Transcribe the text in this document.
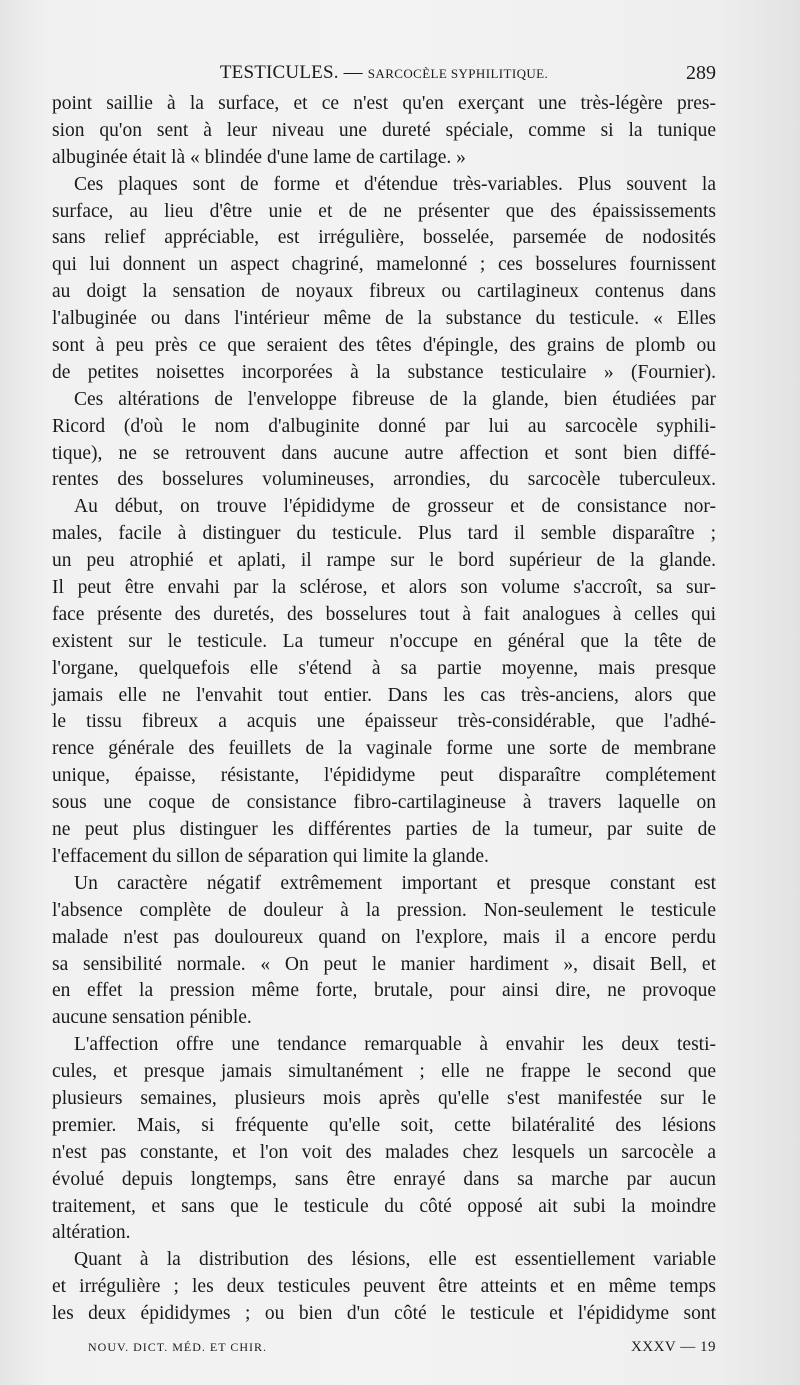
TESTICULES. — SARCOCÈLE SYPHILITIQUE.	289
point saillie à la surface, et ce n'est qu'en exerçant une très-légère pres-
sion qu'on sent à leur niveau une dureté spéciale, comme si la tunique
albuginée était là « blindée d'une lame de cartilage. »
Ces plaques sont de forme et d'étendue très-variables. Plus souvent la
surface, au lieu d'être unie et de ne présenter que des épaississements
sans relief appréciable, est irrégulière, bosselée, parsemée de nodosités
qui lui donnent un aspect chagriné, mamelonné ; ces bosselures fournissent
au doigt la sensation de noyaux fibreux ou cartilagineux contenus dans
l'albuginée ou dans l'intérieur même de la substance du testicule. « Elles
sont à peu près ce que seraient des têtes d'épingle, des grains de plomb ou
de petites noisettes incorporées à la substance testiculaire » (Fournier).
Ces altérations de l'enveloppe fibreuse de la glande, bien étudiées par
Ricord (d'où le nom d'albuginite donné par lui au sarcocèle syphili-
tique), ne se retrouvent dans aucune autre affection et sont bien diffé-
rentes des bosselures volumineuses, arrondies, du sarcocèle tuberculeux.
Au début, on trouve l'épididyme de grosseur et de consistance nor-
males, facile à distinguer du testicule. Plus tard il semble disparaître ;
un peu atrophié et aplati, il rampe sur le bord supérieur de la glande.
Il peut être envahi par la sclérose, et alors son volume s'accroît, sa sur-
face présente des duretés, des bosselures tout à fait analogues à celles qui
existent sur le testicule. La tumeur n'occupe en général que la tête de
l'organe, quelquefois elle s'étend à sa partie moyenne, mais presque
jamais elle ne l'envahit tout entier. Dans les cas très-anciens, alors que
le tissu fibreux a acquis une épaisseur très-considérable, que l'adhé-
rence générale des feuillets de la vaginale forme une sorte de membrane
unique, épaisse, résistante, l'épididyme peut disparaître complétement
sous une coque de consistance fibro-cartilagineuse à travers laquelle on
ne peut plus distinguer les différentes parties de la tumeur, par suite de
l'effacement du sillon de séparation qui limite la glande.
Un caractère négatif extrêmement important et presque constant est
l'absence complète de douleur à la pression. Non-seulement le testicule
malade n'est pas douloureux quand on l'explore, mais il a encore perdu
sa sensibilité normale. « On peut le manier hardiment », disait Bell, et
en effet la pression même forte, brutale, pour ainsi dire, ne provoque
aucune sensation pénible.
L'affection offre une tendance remarquable à envahir les deux testi-
cules, et presque jamais simultanément ; elle ne frappe le second que
plusieurs semaines, plusieurs mois après qu'elle s'est manifestée sur le
premier. Mais, si fréquente qu'elle soit, cette bilatéralité des lésions
n'est pas constante, et l'on voit des malades chez lesquels un sarcocèle a
évolué depuis longtemps, sans être enrayé dans sa marche par aucun
traitement, et sans que le testicule du côté opposé ait subi la moindre
altération.
Quant à la distribution des lésions, elle est essentiellement variable
et irrégulière ; les deux testicules peuvent être atteints et en même temps
les deux épididymes ; ou bien d'un côté le testicule et l'épididyme sont
NOUV. DICT. MÉD. ET CHIR.	XXXV — 19
